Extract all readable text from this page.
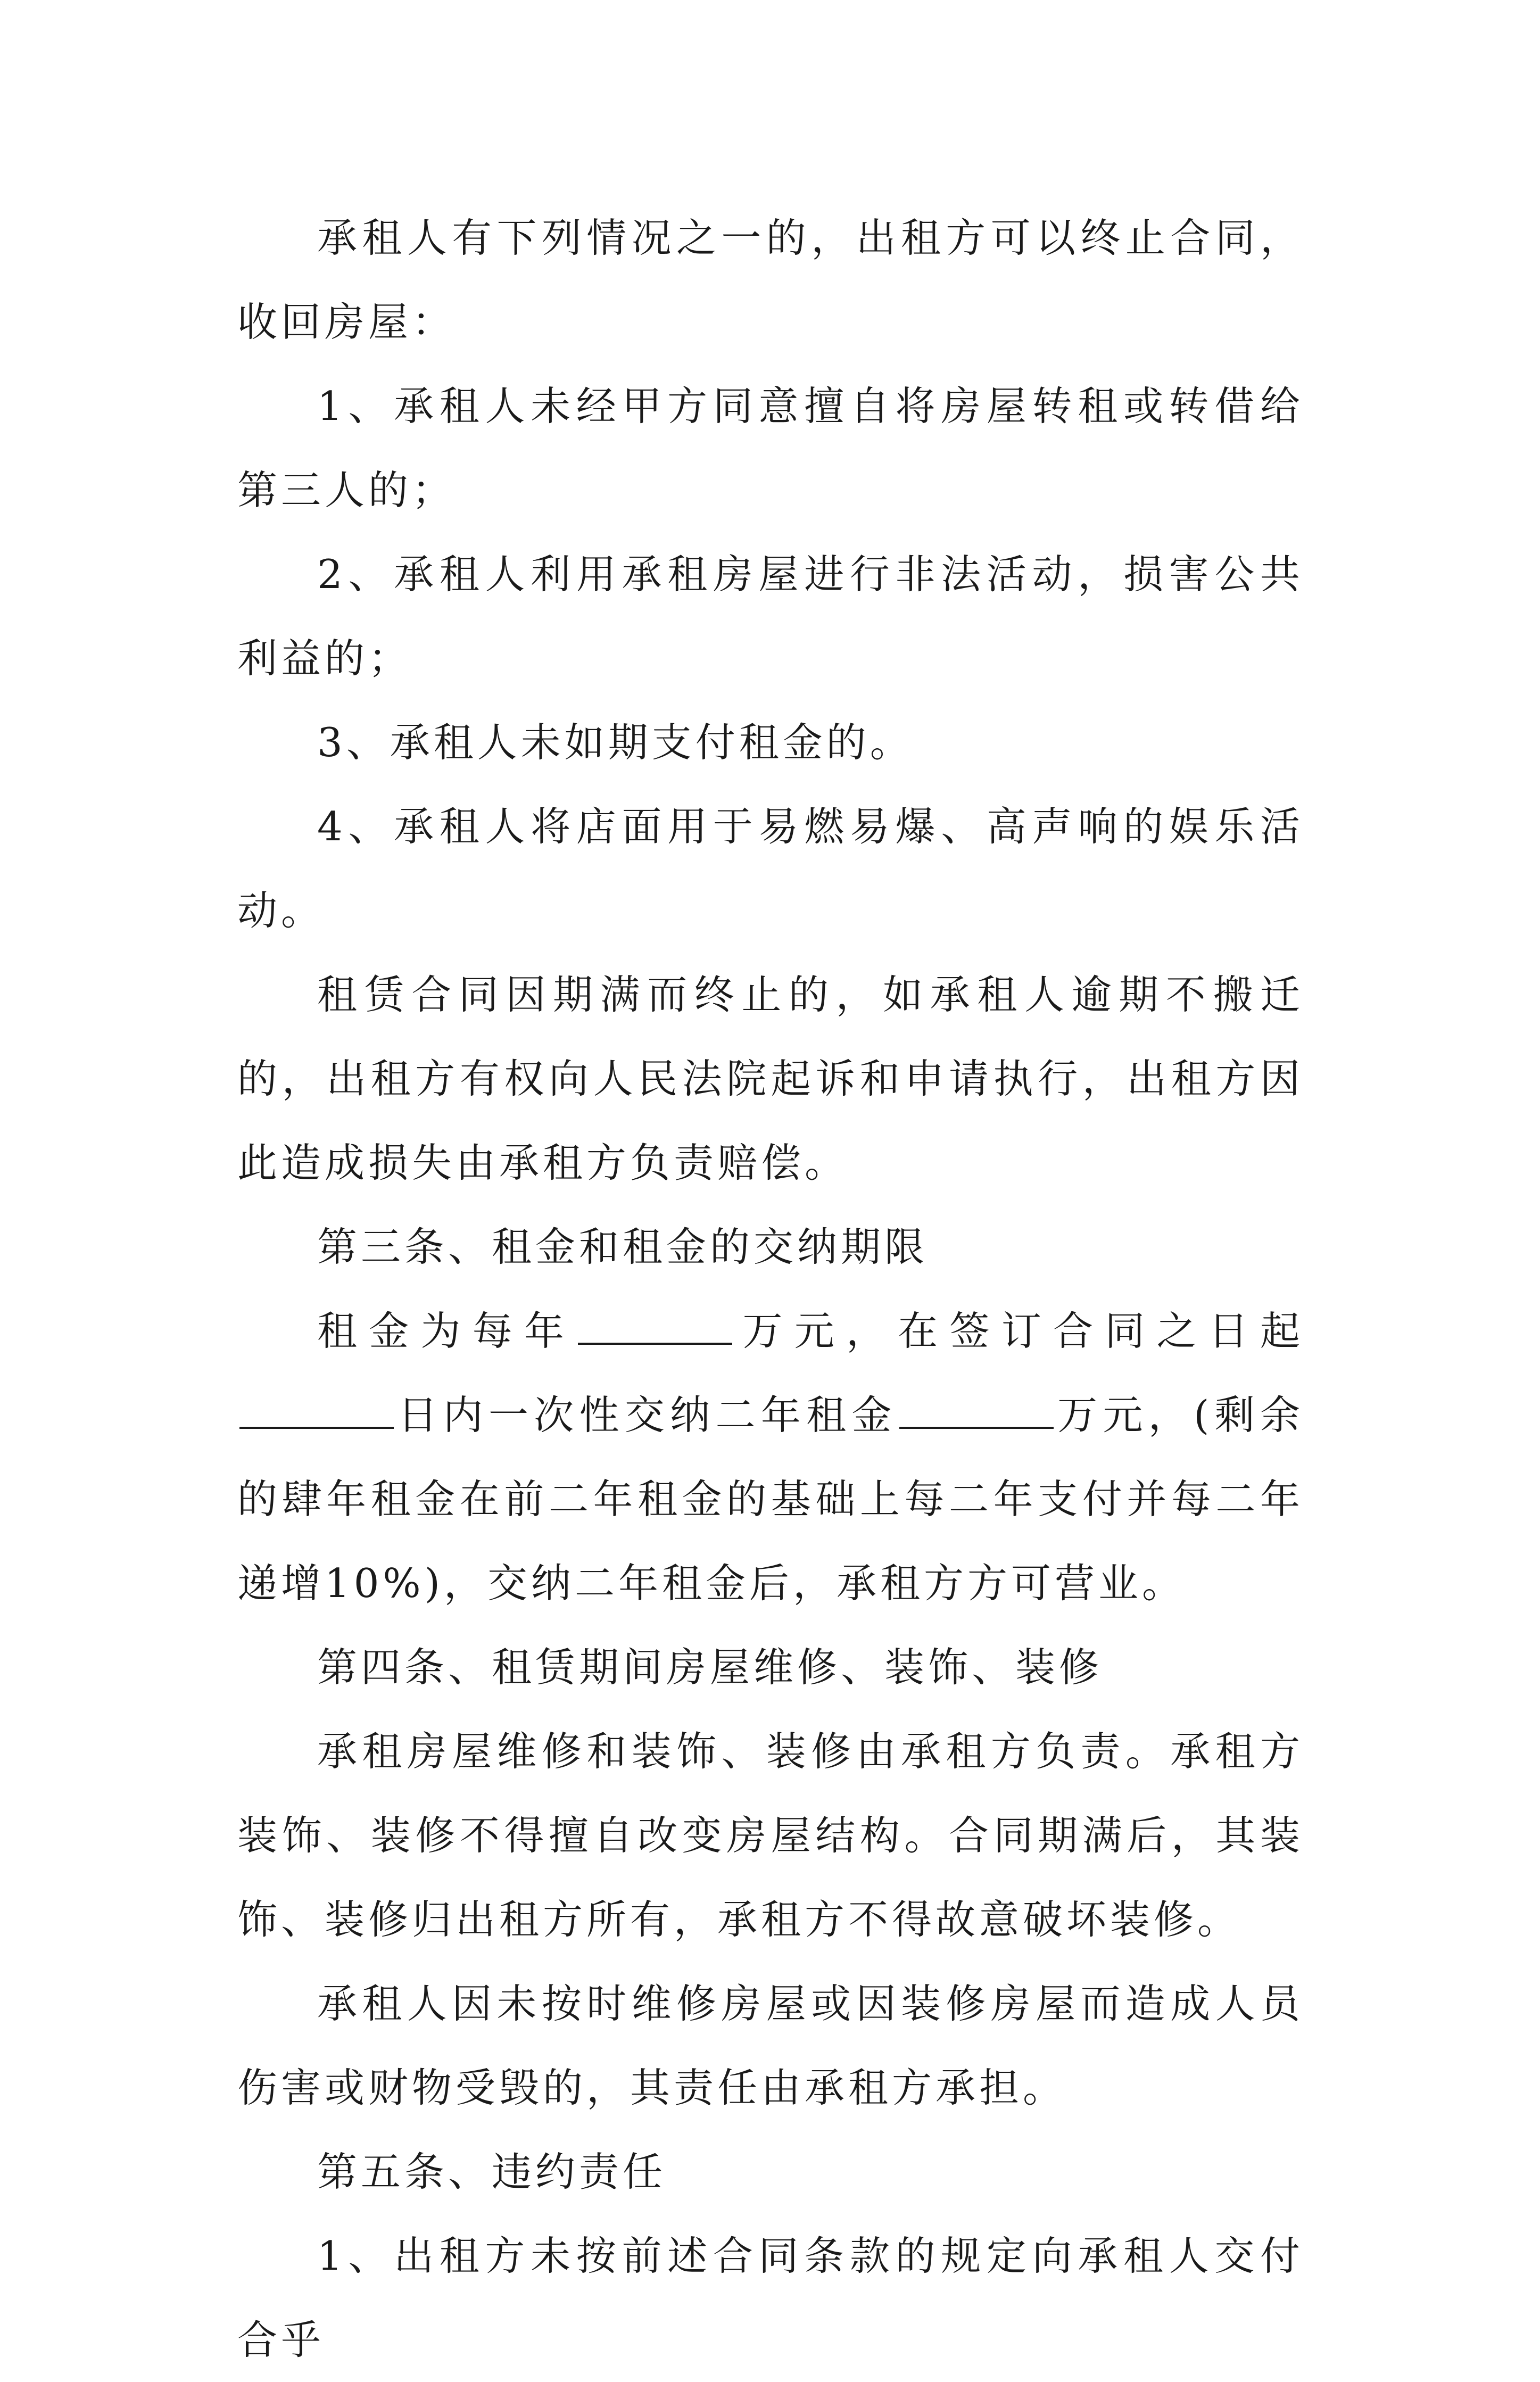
承租人有下列情况之一的，出租方可以终止合同，收回房屋：

1、承租人未经甲方同意擅自将房屋转租或转借给第三人的；

2、承租人利用承租房屋进行非法活动，损害公共利益的；

3、承租人未如期支付租金的。

4、承租人将店面用于易燃易爆、高声响的娱乐活动。

租赁合同因期满而终止的，如承租人逾期不搬迁的，出租方有权向人民法院起诉和申请执行，出租方因此造成损失由承租方负责赔偿。

第三条、租金和租金的交纳期限

租金为每年	万元，在签订合同之日起日内一次性交纳二年租金	万元，(剩余的肆年租金在前二年租金的基础上每二年支付并每二年递增10%)，交纳二年租金后，承租方方可营业。

第四条、租赁期间房屋维修、装饰、装修

承租房屋维修和装饰、装修由承租方负责。承租方装饰、装修不得擅自改变房屋结构。合同期满后，其装饰、装修归出租方所有，承租方不得故意破坏装修。

承租人因未按时维修房屋或因装修房屋而造成人员伤害或财物受毁的，其责任由承租方承担。

第五条、违约责任

1、出租方未按前述合同条款的规定向承租人交付合乎
